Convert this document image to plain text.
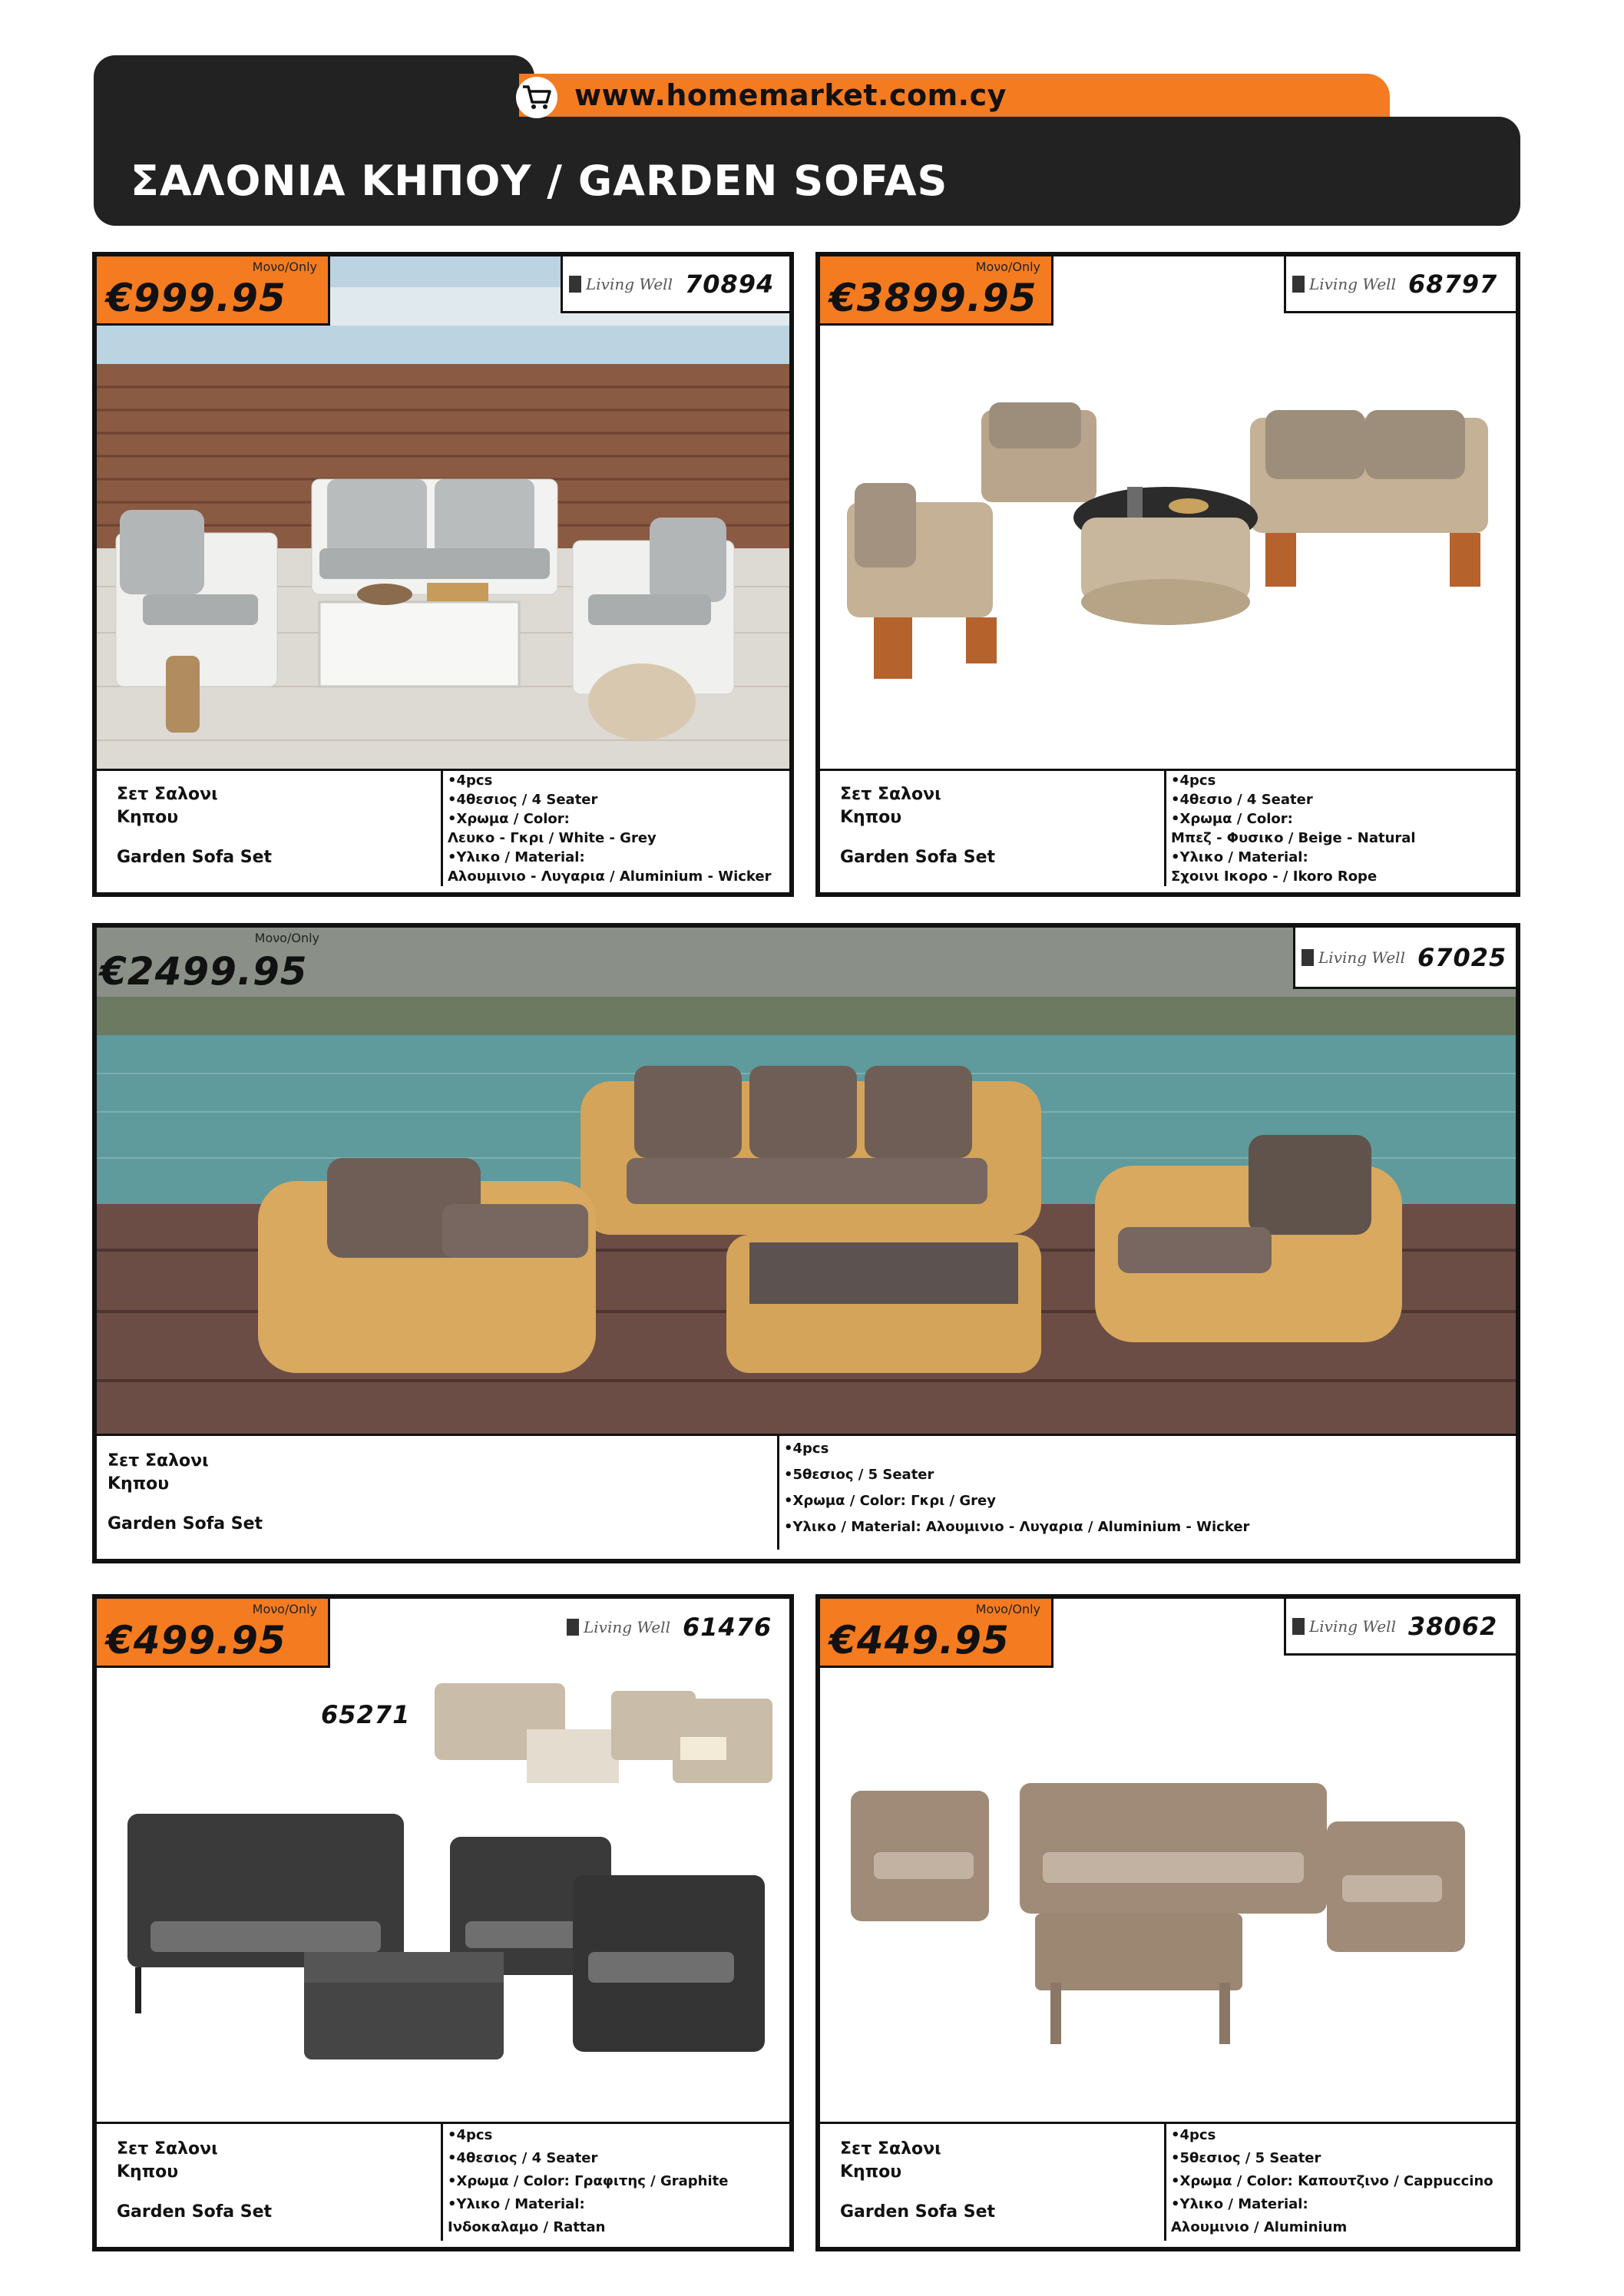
www.homemarket.com.cy
ΣΑΛΟΝΙΑ ΚΗΠΟΥ / GARDEN SOFAS
Μονο/Only
€999.95	Living Well 70894
Σετ Σαλονι Κηπου
Garden Sofa Set
•4pcs
•4θεσιος / 4 Seater
•Χρωμα / Color:
Λευκο - Γκρι / White - Grey
•Υλικο / Material:
Αλουμινιο - Λυγαρια / Aluminium - Wicker
Μονο/Only
€3899.95	Living Well 68797
Σετ Σαλονι Κηπου
Garden Sofa Set
•4pcs
•4θεσιο / 4 Seater
•Χρωμα / Color:
Μπεζ - Φυσικο / Beige - Natural
•Υλικο / Material:
Σχοινι Ικορο - / Ikoro Rope
Μονο/Only
€2499.95	Living Well 67025
Σετ Σαλονι Κηπου
Garden Sofa Set
•4pcs
•5θεσιος / 5 Seater
•Χρωμα / Color: Γκρι / Grey
•Υλικο / Material: Αλουμινιο - Λυγαρια / Aluminium - Wicker
Μονο/Only
€499.95	Living Well 61476
65271
Σετ Σαλονι Κηπου
Garden Sofa Set
•4pcs
•4θεσιος / 4 Seater
•Χρωμα / Color: Γραφιτης / Graphite
•Υλικο / Material:
Ινδοκαλαμο / Rattan
Μονο/Only
€449.95	Living Well 38062
Σετ Σαλονι Κηπου
Garden Sofa Set
•4pcs
•5θεσιος / 5 Seater
•Χρωμα / Color: Καπουτζινο / Cappuccino
•Υλικο / Material:
Αλουμινιο / Aluminium
